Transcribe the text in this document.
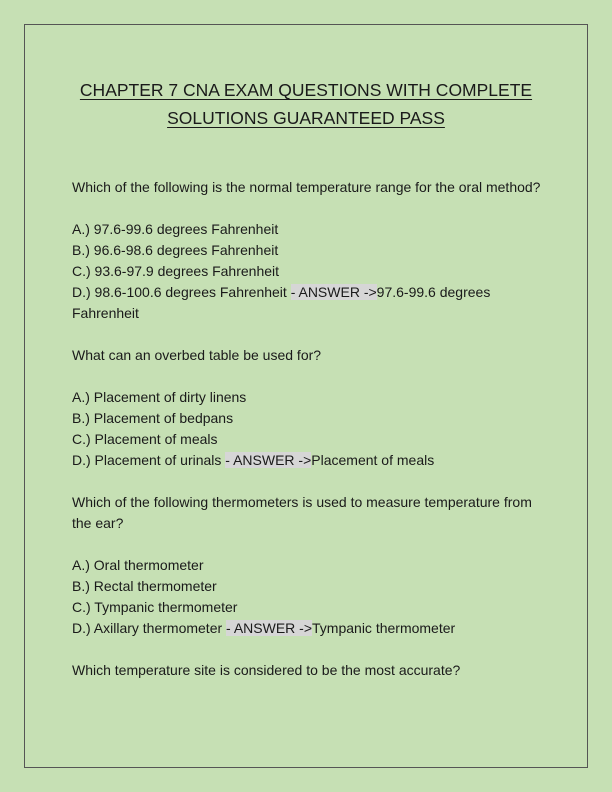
CHAPTER 7 CNA EXAM QUESTIONS WITH COMPLETE
SOLUTIONS GUARANTEED PASS

Which of the following is the normal temperature range for the oral method?

A.) 97.6-99.6 degrees Fahrenheit

B.) 96.6-98.6 degrees Fahrenheit

C.) 93.6-97.9 degrees Fahrenheit

D.) 98.6-100.6 degrees Fahrenheit - ANSWER ->97.6-99.6 degrees Fahrenheit

What can an overbed table be used for?

A.) Placement of dirty linens

B.) Placement of bedpans

C.) Placement of meals

D.) Placement of urinals - ANSWER ->Placement of meals

Which of the following thermometers is used to measure temperature from the ear?

A.) Oral thermometer

B.) Rectal thermometer

C.) Tympanic thermometer

D.) Axillary thermometer - ANSWER ->Tympanic thermometer

Which temperature site is considered to be the most accurate?
